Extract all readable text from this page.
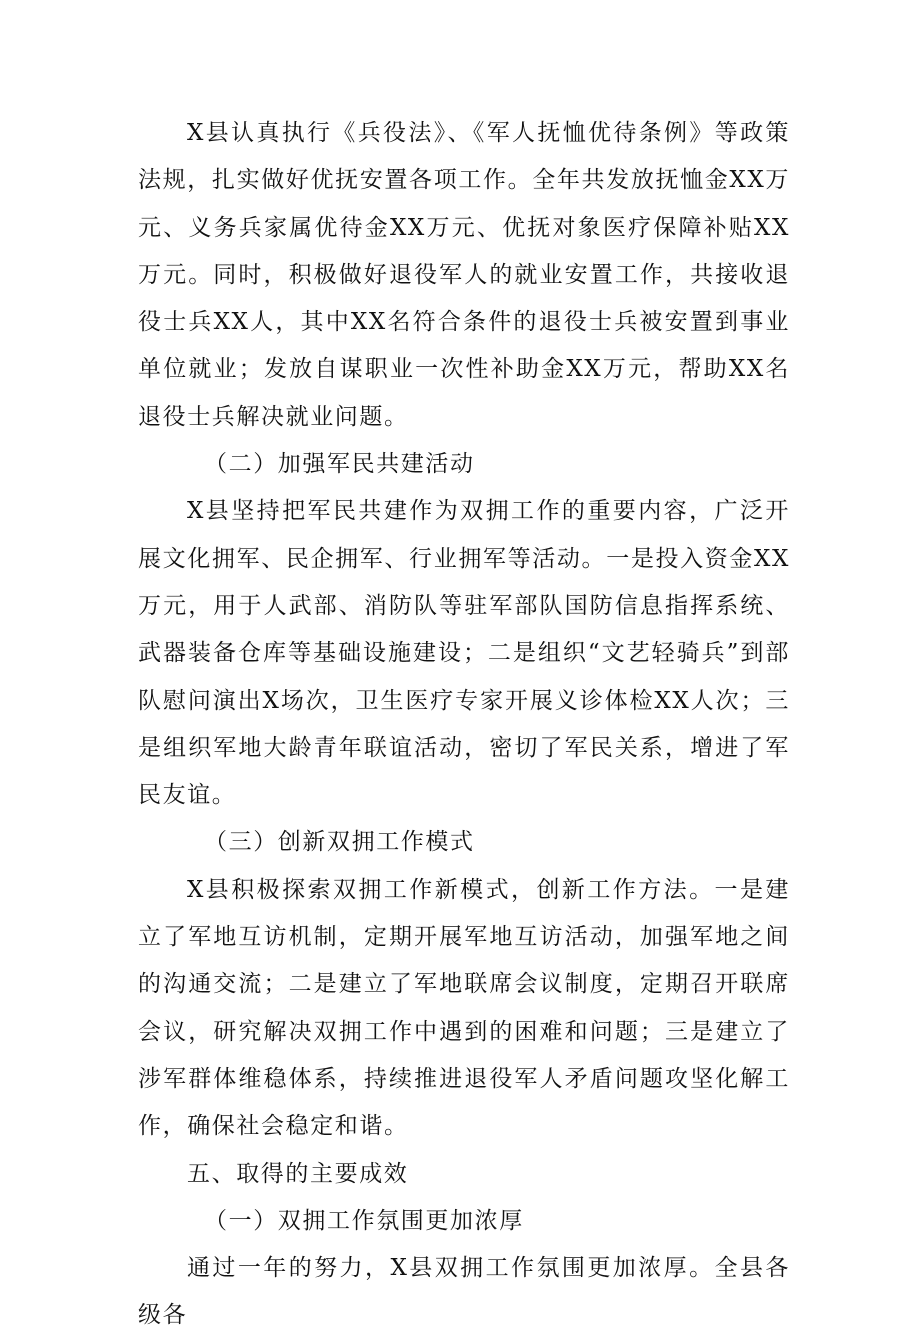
X县认真执行《兵役法》、《军人抚恤优待条例》等政策法规，扎实做好优抚安置各项工作。全年共发放抚恤金XX万元、义务兵家属优待金XX万元、优抚对象医疗保障补贴XX万元。同时，积极做好退役军人的就业安置工作，共接收退役士兵XX人，其中XX名符合条件的退役士兵被安置到事业单位就业；发放自谋职业一次性补助金XX万元，帮助XX名退役士兵解决就业问题。

（二）加强军民共建活动

X县坚持把军民共建作为双拥工作的重要内容，广泛开展文化拥军、民企拥军、行业拥军等活动。一是投入资金XX万元，用于人武部、消防队等驻军部队国防信息指挥系统、武器装备仓库等基础设施建设；二是组织“文艺轻骑兵”到部队慰问演出X场次，卫生医疗专家开展义诊体检XX人次；三是组织军地大龄青年联谊活动，密切了军民关系，增进了军民友谊。

（三）创新双拥工作模式

X县积极探索双拥工作新模式，创新工作方法。一是建立了军地互访机制，定期开展军地互访活动，加强军地之间的沟通交流；二是建立了军地联席会议制度，定期召开联席会议，研究解决双拥工作中遇到的困难和问题；三是建立了涉军群体维稳体系，持续推进退役军人矛盾问题攻坚化解工作，确保社会稳定和谐。

五、取得的主要成效

（一）双拥工作氛围更加浓厚

通过一年的努力，X县双拥工作氛围更加浓厚。全县各级各
